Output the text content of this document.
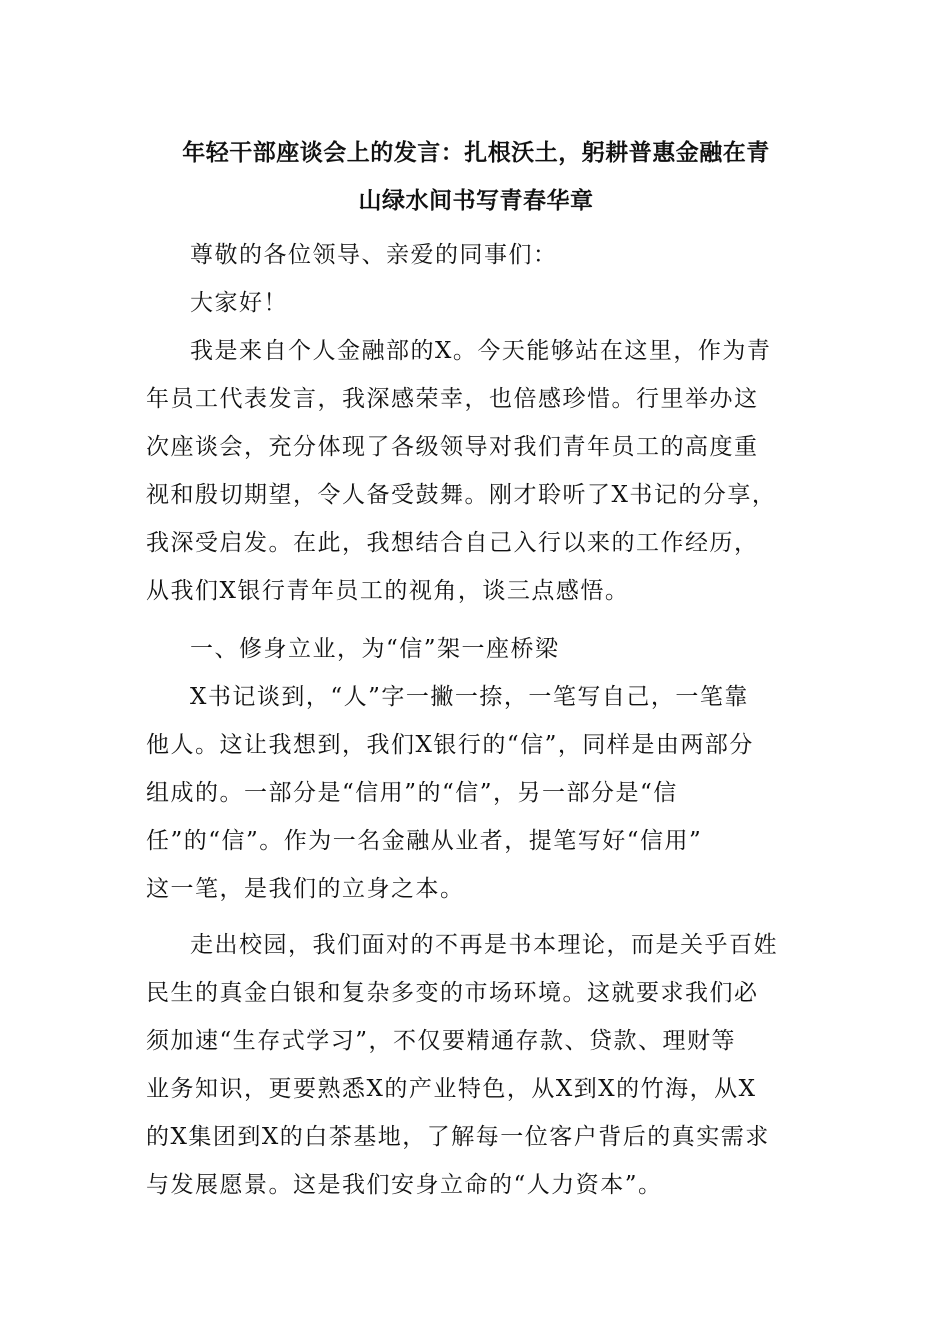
年轻干部座谈会上的发言：扎根沃土，躬耕普惠金融在青
山绿水间书写青春华章

尊敬的各位领导、亲爱的同事们：

大家好！

我是来自个人金融部的X。今天能够站在这里，作为青

年员工代表发言，我深感荣幸，也倍感珍惜。行里举办这

次座谈会，充分体现了各级领导对我们青年员工的高度重

视和殷切期望，令人备受鼓舞。刚才聆听了X书记的分享，

我深受启发。在此，我想结合自己入行以来的工作经历，

从我们X银行青年员工的视角，谈三点感悟。

一、修身立业，为“信”架一座桥梁

X书记谈到，“人”字一撇一捺，一笔写自己，一笔靠

他人。这让我想到，我们X银行的“信”，同样是由两部分

组成的。一部分是“信用”的“信”，另一部分是“信

任”的“信”。作为一名金融从业者，提笔写好“信用”

这一笔，是我们的立身之本。

走出校园，我们面对的不再是书本理论，而是关乎百姓

民生的真金白银和复杂多变的市场环境。这就要求我们必

须加速“生存式学习”，不仅要精通存款、贷款、理财等

业务知识，更要熟悉X的产业特色，从X到X的竹海，从X

的X集团到X的白茶基地，了解每一位客户背后的真实需求

与发展愿景。这是我们安身立命的“人力资本”。
